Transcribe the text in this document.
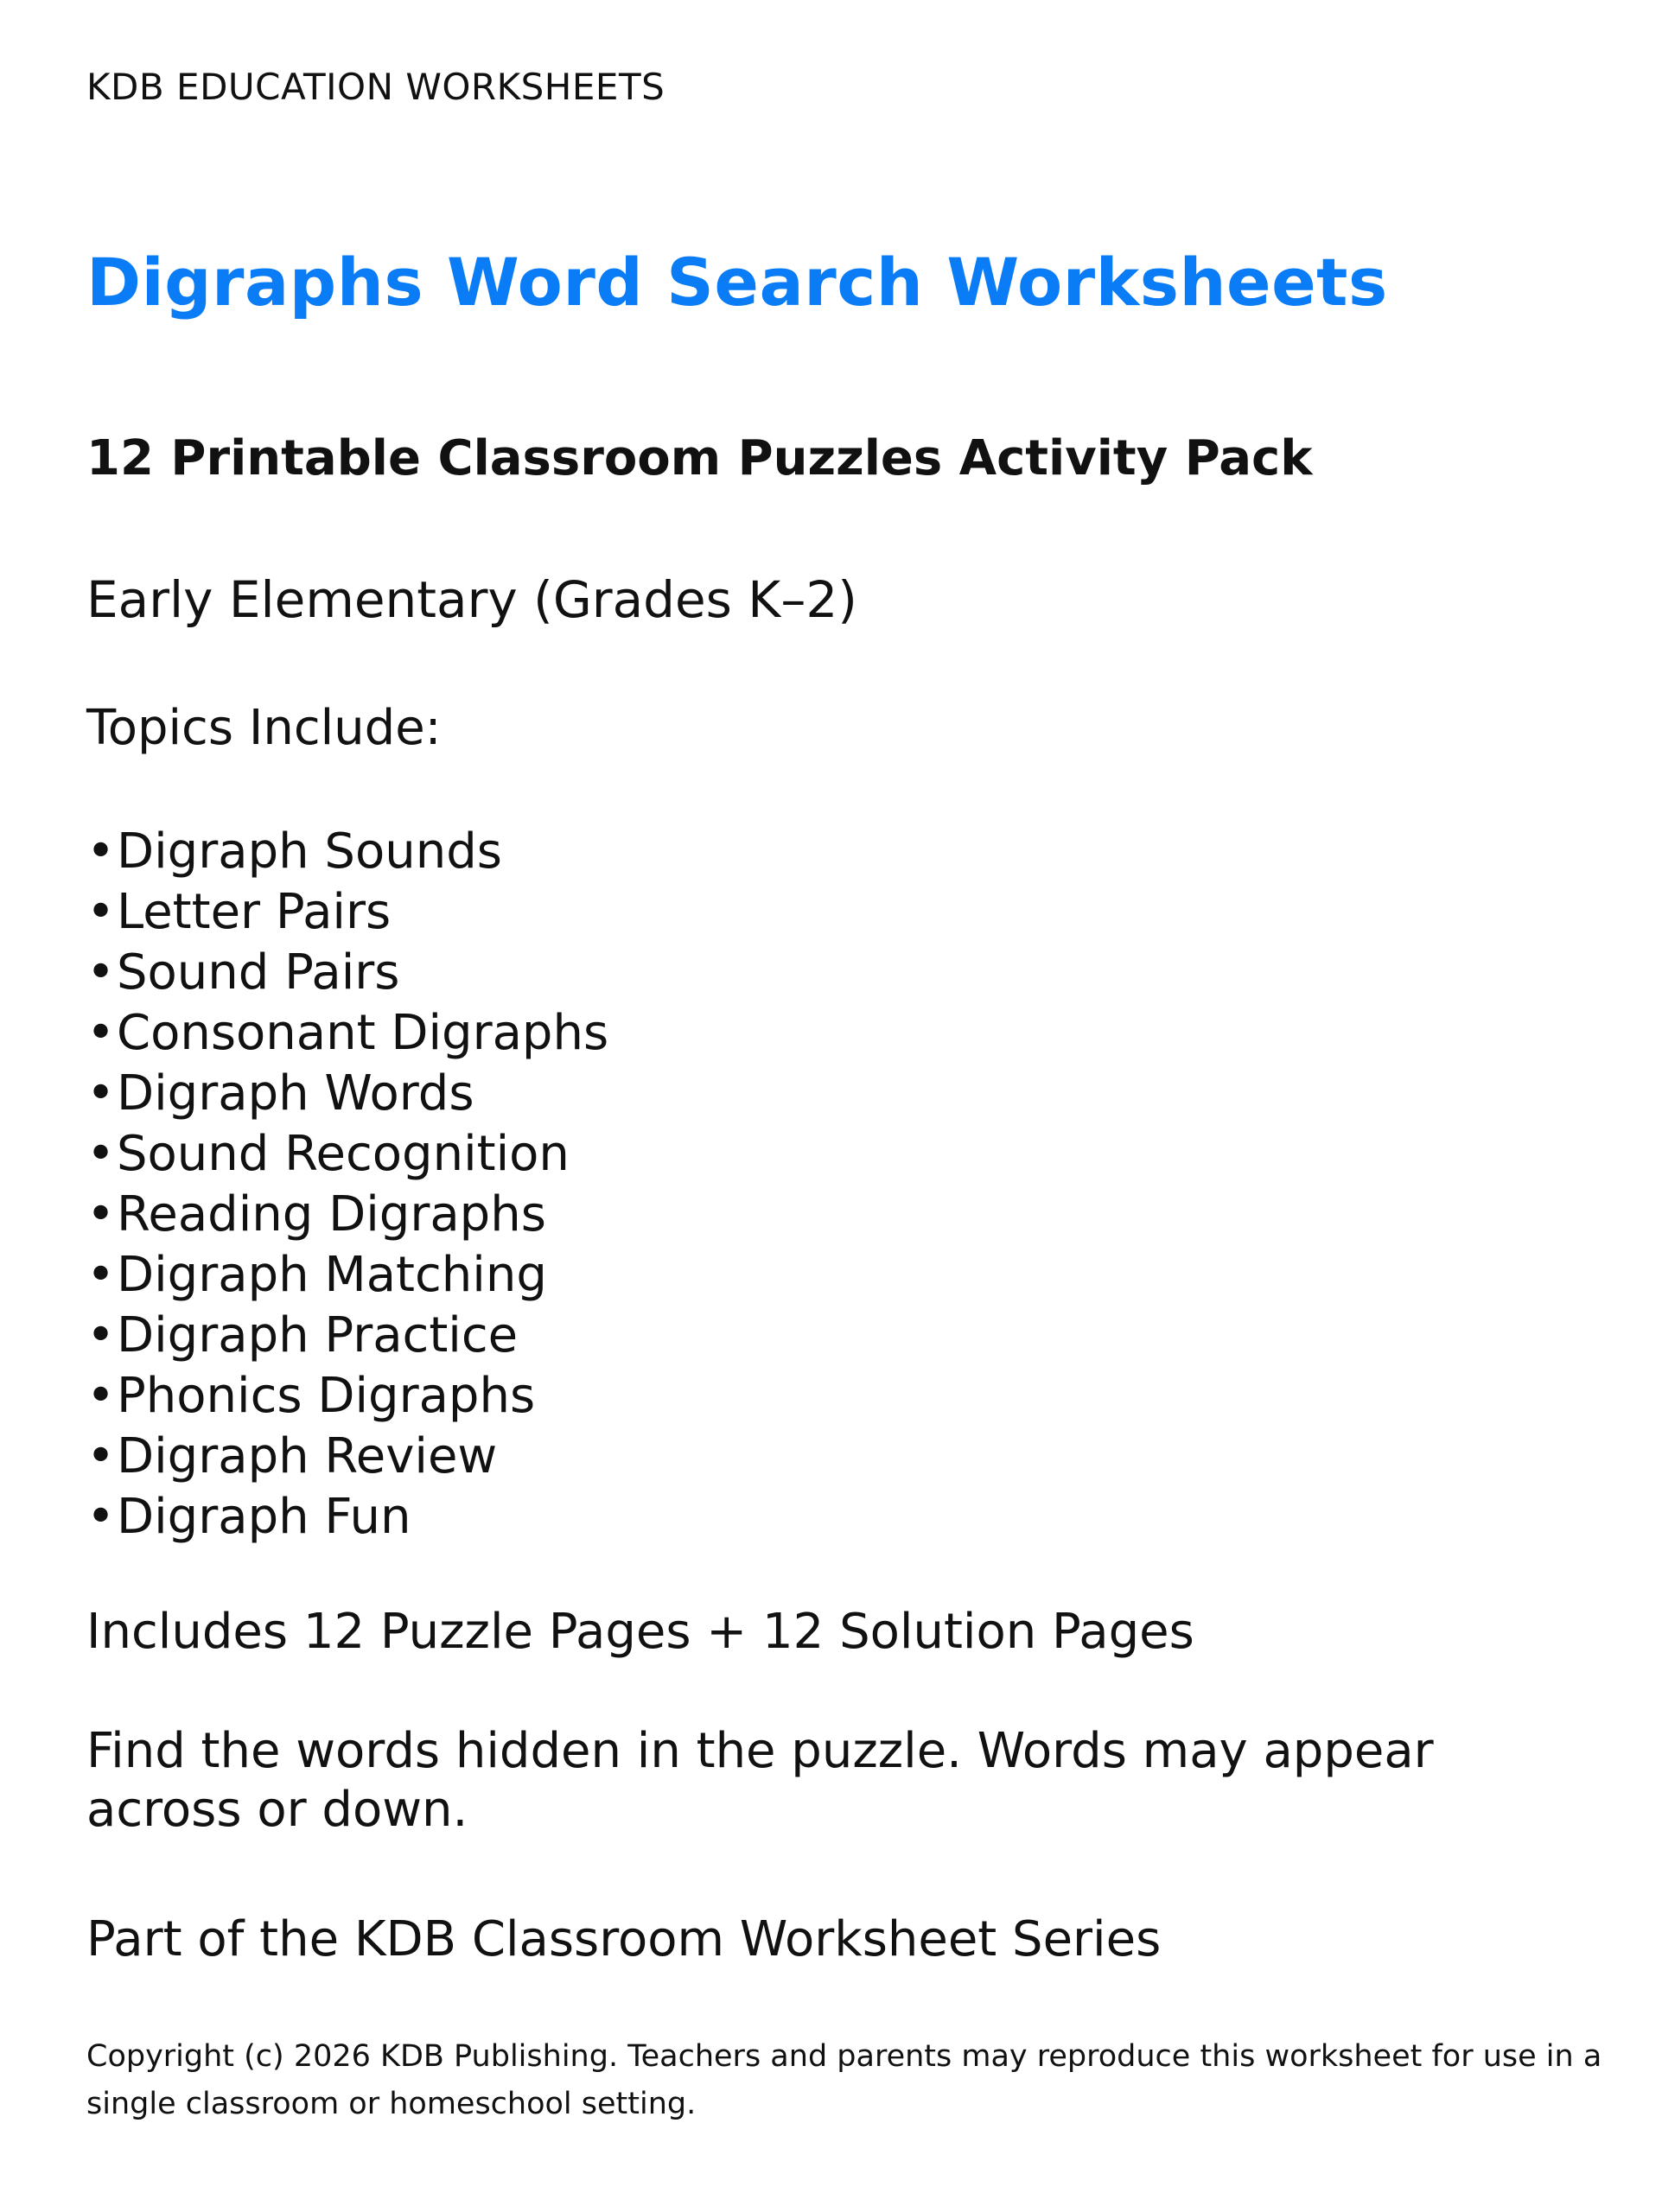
KDB EDUCATION WORKSHEETS

Digraphs Word Search Worksheets
12 Printable Classroom Puzzles Activity Pack

Early Elementary (Grades K–2)

Topics Include:

• Digraph Sounds
• Letter Pairs
• Sound Pairs
• Consonant Digraphs
• Digraph Words
• Sound Recognition
• Reading Digraphs
• Digraph Matching
• Digraph Practice
• Phonics Digraphs
• Digraph Review
• Digraph Fun

Includes 12 Puzzle Pages + 12 Solution Pages

Find the words hidden in the puzzle. Words may appear across or down.

Part of the KDB Classroom Worksheet Series

Copyright (c) 2026 KDB Publishing. Teachers and parents may reproduce this worksheet for use in a single classroom or homeschool setting.
